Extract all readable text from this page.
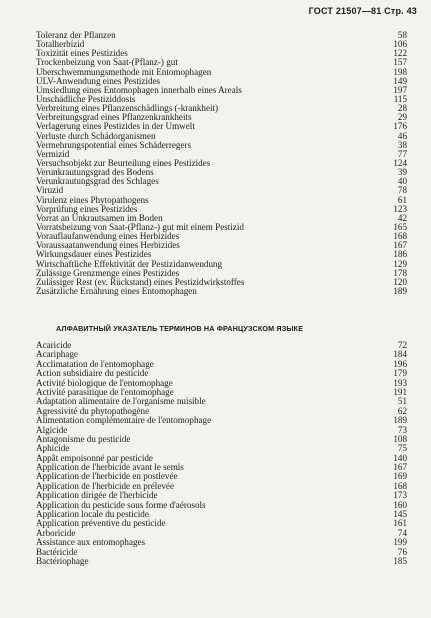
ГОСТ 21507—81 Стр. 43
Toleranz der Pflanzen	58
Totalherbizid	106
Toxizität eines Pestizides	122
Trockenbeizung von Saat-(Pflanz-) gut	157
Überschwemmungsmethode mit Entomophagen	198
ULV-Anwendung eines Pestizides	149
Umsiedlung eines Entomophagen innerhalb eines Areals	197
Unschädliche Pestiziddosis	115
Verbreitung eines Pflanzenschädlings (-krankheit)	28
Verbreitungsgrad eines Pflanzenkrankheits	29
Verlagerung eines Pestizides in der Umwelt	176
Verluste durch Schädorganismen	46
Vermehrungspotential eines Schäderregers	38
Vermizid	77
Versuchsobjekt zur Beurteilung eines Pestizides	124
Verunkrautungsgrad des Bodens	39
Verunkrautungsgrad des Schlages	40
Viruzid	78
Virulenz eines Phytopathogens	61
Vorprüfung eines Pestizides	123
Vorrat an Unkrautsamen im Boden	42
Vorratsbeizung von Saat-(Pflanz-) gut mit einem Pestizid	165
Vorauflaufanwendung eines Herbizides	168
Voraussaatanwendung eines Herbizides	167
Wirkungsdauer eines Pestizides	186
Wirtschaftliche Effektivität der Pestizidanwendung	129
Zulässige Grenzmenge eines Pestizides	178
Zulässiger Rest (ev. Rückstand) eines Pestizidwirkstoffes	120
Zusätzliche Ernährung eines Entomophagen	189
АЛФАВИТНЫЙ УКАЗАТЕЛЬ ТЕРМИНОВ НА ФРАНЦУЗСКОМ ЯЗЫКЕ
Acaricide	72
Acariphage	184
Acclimatation de l'entomophage	196
Action subsidiaire du pesticide	179
Activité biologique de l'entomophage	193
Activité parasitique de l'entomophage	191
Adaptation alimentaire de l'organisme nuisible	51
Agressivité du phytopathogène	62
Alimentation complémentaire de l'entomophage	189
Algicide	73
Antagonisme du pesticide	108
Aphicide	75
Appât empoisonné par pesticide	140
Application de l'herbicide avant le semis	167
Application de l'herbicide en postlevée	169
Application de l'herbicide en prélevée	168
Application dirigée de l'herbicide	173
Application du pesticide sous forme d'aérosols	160
Application locale du pesticide	145
Application préventive du pesticide	161
Arboricide	74
Assistance aux entomophages	199
Bactéricide	76
Bactériophage	185
